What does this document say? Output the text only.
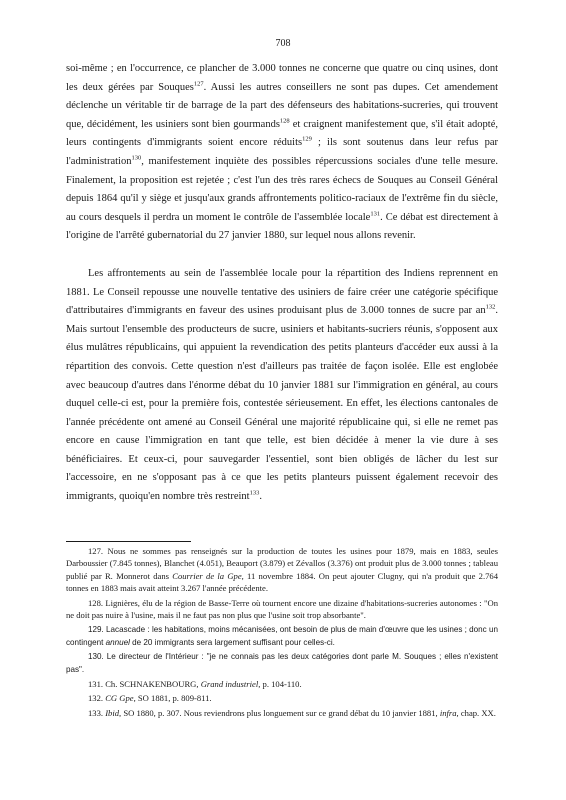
708

soi-même ; en l'occurrence, ce plancher de 3.000 tonnes ne concerne que quatre ou cinq usines, dont les deux gérées par Souques$^{127}$. Aussi les autres conseillers ne sont pas dupes. Cet amendement déclenche un véritable tir de barrage de la part des défenseurs des habitations-sucreries, qui trouvent que, décidément, les usiniers sont bien gourmands$^{128}$ et craignent manifestement que, s'il était adopté, leurs contingents d'immigrants soient encore réduits$^{129}$ ; ils sont soutenus dans leur refus par l'administration$^{130}$, manifestement inquiète des possibles répercussions sociales d'une telle mesure. Finalement, la proposition est rejetée ; c'est l'un des très rares échecs de Souques au Conseil Général depuis 1864 qu'il y siège et jusqu'aux grands affrontements politico-raciaux de l'extrême fin du siècle, au cours desquels il perdra un moment le contrôle de l'assemblée locale$^{131}$. Ce débat est directement à l'origine de l'arrêté gubernatorial du 27 janvier 1880, sur lequel nous allons revenir.

Les affrontements au sein de l'assemblée locale pour la répartition des Indiens reprennent en 1881. Le Conseil repousse une nouvelle tentative des usiniers de faire créer une catégorie spécifique d'attributaires d'immigrants en faveur des usines produisant plus de 3.000 tonnes de sucre par $an^{132}$. Mais surtout l'ensemble des producteurs de sucre, usiniers et habitants-sucriers réunis, s'opposent aux élus mulâtres républicains, qui appuient la revendication des petits planteurs d'accéder eux aussi à la répartition des convois. Cette question n'est d'ailleurs pas traitée de façon isolée. Elle est englobée avec beaucoup d'autres dans l'énorme débat du 10 janvier 1881 sur l'immigration en général, au cours duquel celle-ci est, pour la première fois, contestée sérieusement. En effet, les élections cantonales de l'année précédente ont amené au Conseil Général une majorité républicaine qui, si elle ne remet pas encore en cause l'immigration en tant que telle, est bien décidée à mener la vie dure à ses bénéficiaires. Et ceux-ci, pour sauvegarder l'essentiel, sont bien obligés de lâcher du lest sur l'accessoire, en ne s'opposant pas à ce que les petits planteurs puissent également recevoir des immigrants, quoiqu'en nombre très restreint$^{133}$.

127. Nous ne sommes pas renseignés sur la production de toutes les usines pour 1879, mais en 1883, seules Darboussier (7.845 tonnes), Blanchet (4.051), Beauport (3.879) et Zévallos (3.376) ont produit plus de 3.000 tonnes ; tableau publié par R. Monnerot dans Courrier de la Gpe, 11 novembre 1884. On peut ajouter Clugny, qui n'a produit que 2.764 tonnes en 1883 mais avait atteint 3.267 l'année précédente.

128. Lignières, élu de la région de Basse-Terre où tournent encore une dizaine d'habitations-sucreries autonomes : "On ne doit pas nuire à l'usine, mais il ne faut pas non plus que l'usine soit trop absorbante".

129. Lacascade : les habitations, moins mécanisées, ont besoin de plus de main d'œuvre que les usines ; donc un contingent annuel de 20 immigrants sera largement suffisant pour celles-ci.

130. Le directeur de l'Intérieur : "je ne connais pas les deux catégories dont parle M. Souques ; elles n'existent pas".

131. Ch. SCHNAKENBOURG, Grand industriel, p. 104-110.

132. CG Gpe, SO 1881, p. 809-811.

133. Ibid, SO 1880, p. 307. Nous reviendrons plus longuement sur ce grand débat du 10 janvier 1881, infra, chap. XX.
